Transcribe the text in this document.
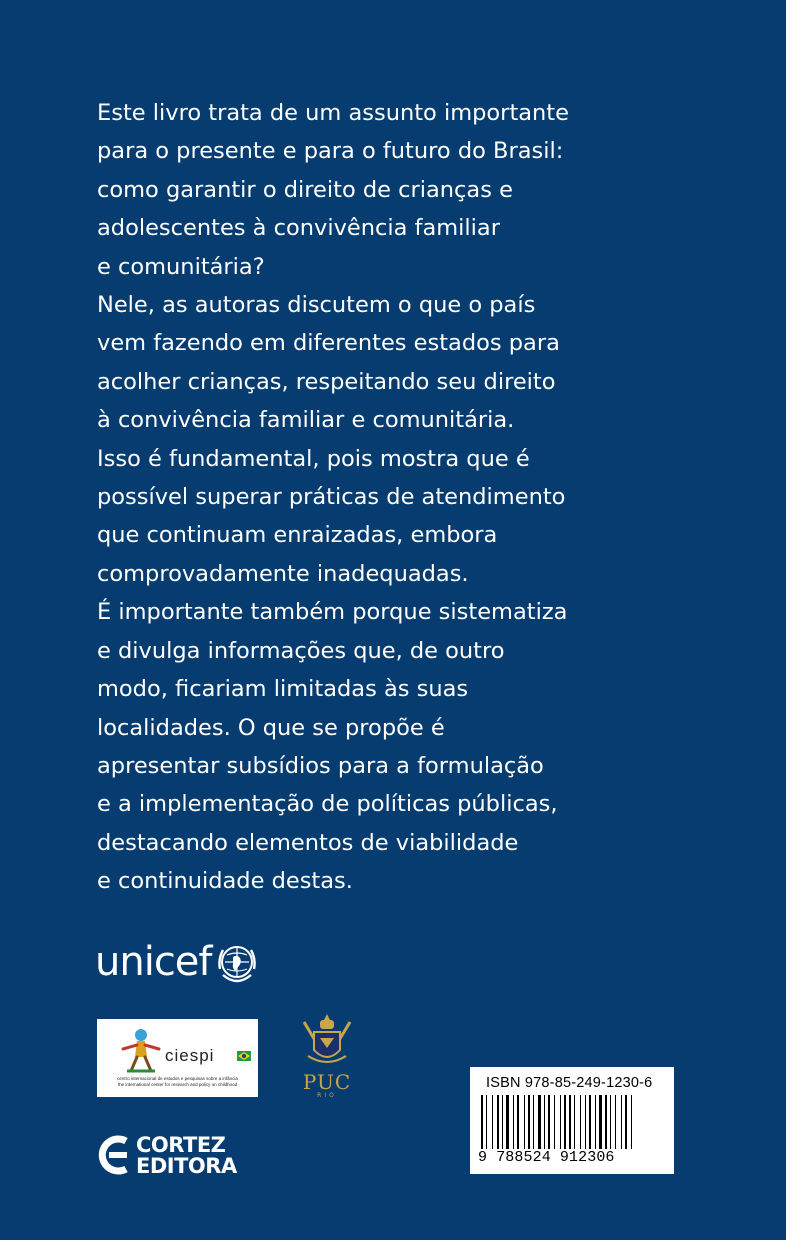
Este livro trata de um assunto importante
para o presente e para o futuro do Brasil:
como garantir o direito de crianças e
adolescentes à convivência familiar
e comunitária?
Nele, as autoras discutem o que o país
vem fazendo em diferentes estados para
acolher crianças, respeitando seu direito
à convivência familiar e comunitária.
Isso é fundamental, pois mostra que é
possível superar práticas de atendimento
que continuam enraizadas, embora
comprovadamente inadequadas.
É importante também porque sistematiza
e divulga informações que, de outro
modo, ficariam limitadas às suas
localidades. O que se propõe é
apresentar subsídios para a formulação
e a implementação de políticas públicas,
destacando elementos de viabilidade
e continuidade destas.
unicef
ciespi
centro internacional de estudos e pesquisas sobre a infância
the international center for research and policy on childhood	PUC
RIO
CORTEZ
EDITORA
ISBN 978-85-249-1230-6
9 788524 912306
